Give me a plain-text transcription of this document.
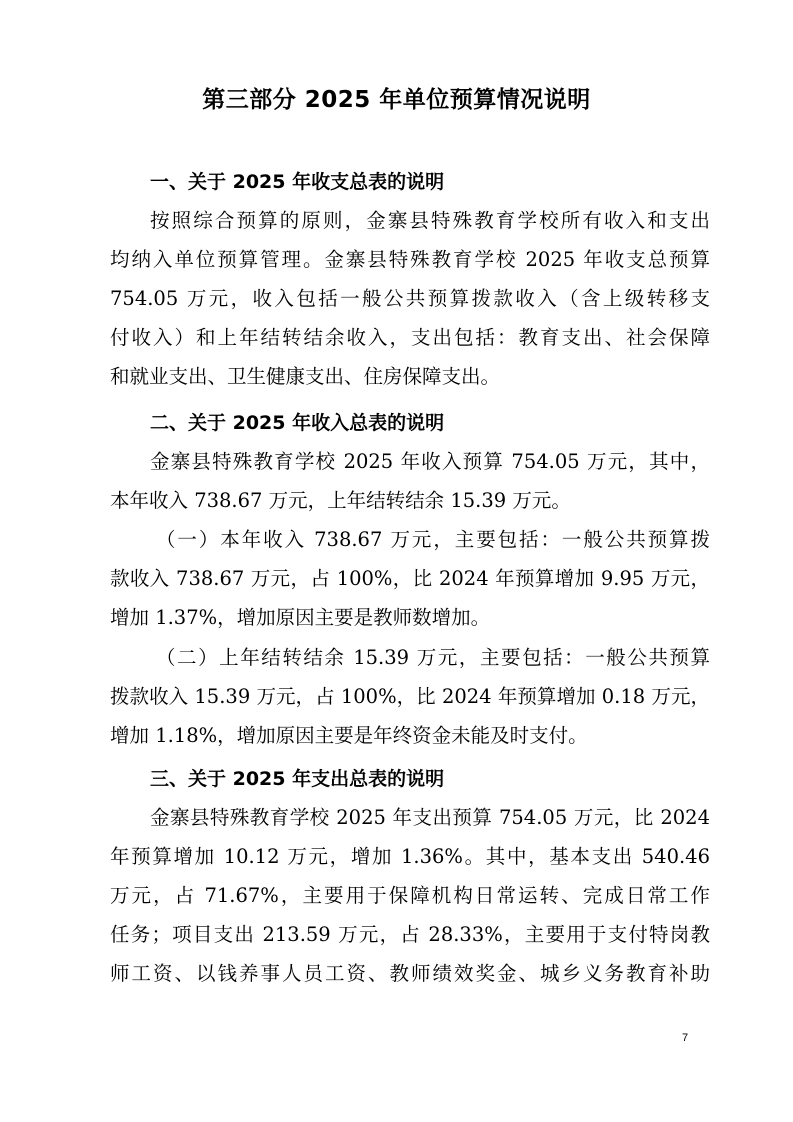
第三部分 2025 年单位预算情况说明
一、关于 2025 年收支总表的说明
按照综合预算的原则，金寨县特殊教育学校所有收入和支出
均纳入单位预算管理。金寨县特殊教育学校 2025 年收支总预算
754.05 万元，收入包括一般公共预算拨款收入（含上级转移支
付收入）和上年结转结余收入，支出包括：教育支出、社会保障
和就业支出、卫生健康支出、住房保障支出。
二、关于 2025 年收入总表的说明
金寨县特殊教育学校 2025 年收入预算 754.05 万元，其中，
本年收入 738.67 万元，上年结转结余 15.39 万元。
（一）本年收入 738.67 万元，主要包括：一般公共预算拨
款收入 738.67 万元，占 100%，比 2024 年预算增加 9.95 万元，
增加 1.37%，增加原因主要是教师数增加。
（二）上年结转结余 15.39 万元，主要包括：一般公共预算
拨款收入 15.39 万元，占 100%，比 2024 年预算增加 0.18 万元，
增加 1.18%，增加原因主要是年终资金未能及时支付。
三、关于 2025 年支出总表的说明
金寨县特殊教育学校 2025 年支出预算 754.05 万元，比 2024
年预算增加 10.12 万元，增加 1.36%。其中，基本支出 540.46
万元，占 71.67%，主要用于保障机构日常运转、完成日常工作
任务；项目支出 213.59 万元，占 28.33%，主要用于支付特岗教
师工资、以钱养事人员工资、教师绩效奖金、城乡义务教育补助
7
